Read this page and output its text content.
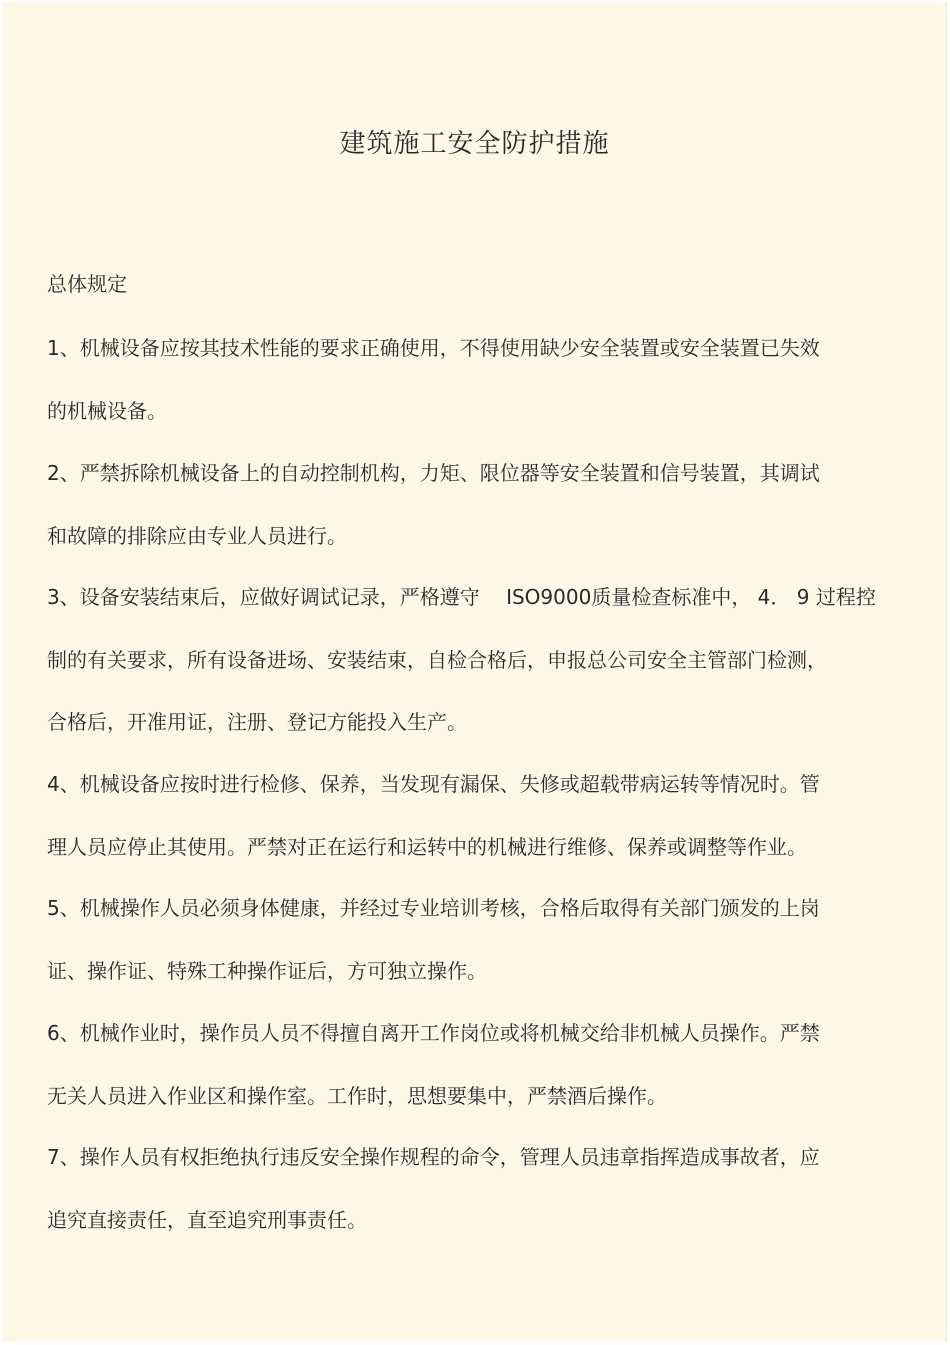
建筑施工安全防护措施
总体规定

1、机械设备应按其技术性能的要求正确使用，不得使用缺少安全装置或安全装置已失效
的机械设备。

2、严禁拆除机械设备上的自动控制机构，力矩、限位器等安全装置和信号装置，其调试
和故障的排除应由专业人员进行。

3、设备安装结束后，应做好调试记录，严格遵守　 ISO9000质量检查标准中， 4． 9 过程控
制的有关要求，所有设备进场、安装结束，自检合格后，申报总公司安全主管部门检测，
合格后，开准用证，注册、登记方能投入生产。

4、机械设备应按时进行检修、保养，当发现有漏保、失修或超载带病运转等情况时。管
理人员应停止其使用。严禁对正在运行和运转中的机械进行维修、保养或调整等作业。

5、机械操作人员必须身体健康，并经过专业培训考核，合格后取得有关部门颁发的上岗
证、操作证、特殊工种操作证后，方可独立操作。

6、机械作业时，操作员人员不得擅自离开工作岗位或将机械交给非机械人员操作。严禁
无关人员进入作业区和操作室。工作时，思想要集中，严禁酒后操作。

7、操作人员有权拒绝执行违反安全操作规程的命令，管理人员违章指挥造成事故者，应
追究直接责任，直至追究刑事责任。
